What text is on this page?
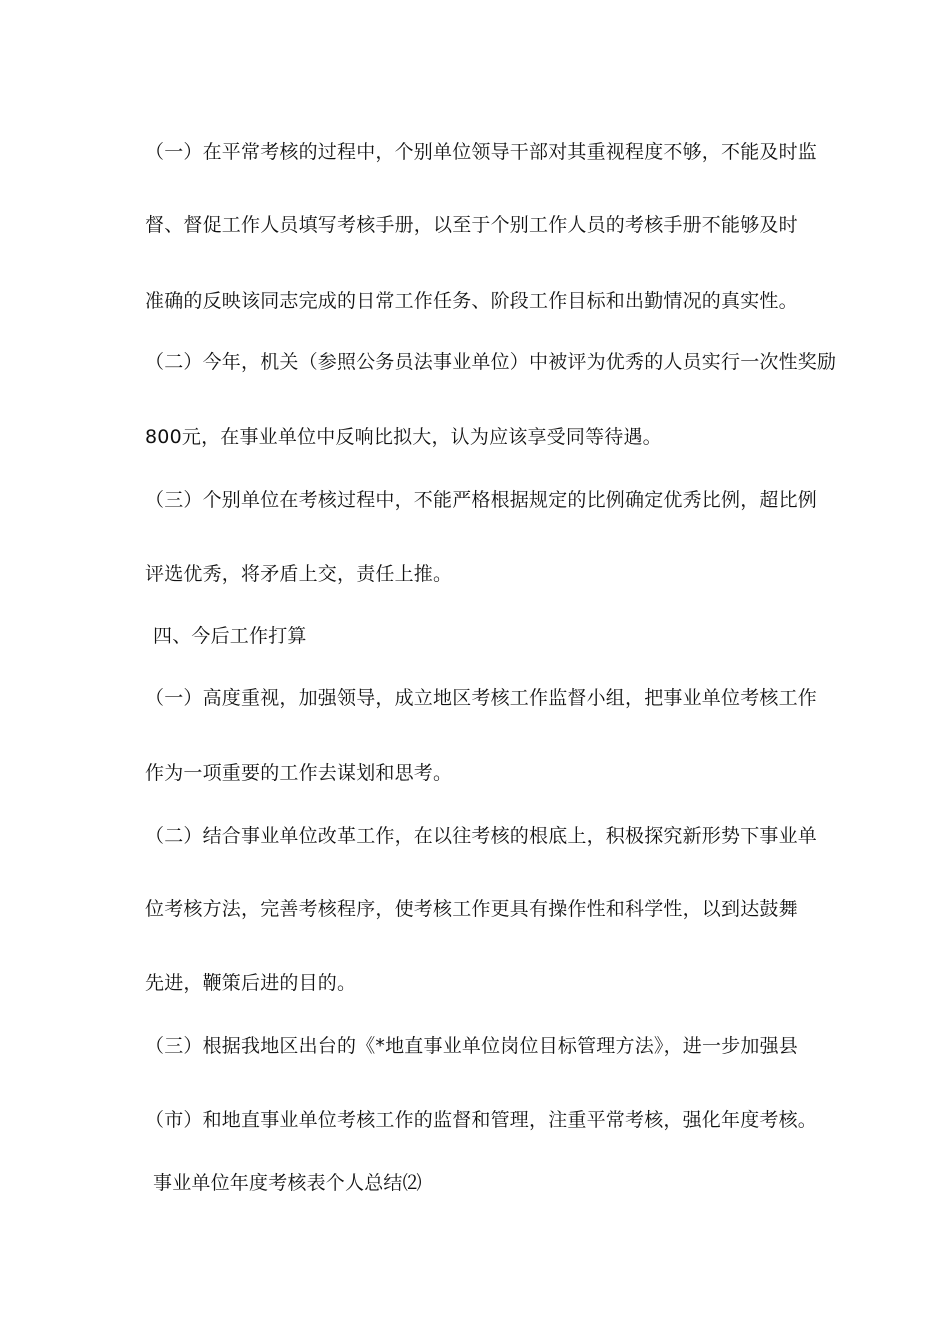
（一）在平常考核的过程中，个别单位领导干部对其重视程度不够，不能及时监
督、督促工作人员填写考核手册，以至于个别工作人员的考核手册不能够及时
准确的反映该同志完成的日常工作任务、阶段工作目标和出勤情况的真实性。
（二）今年，机关（参照公务员法事业单位）中被评为优秀的人员实行一次性奖励
800元，在事业单位中反响比拟大，认为应该享受同等待遇。
（三）个别单位在考核过程中，不能严格根据规定的比例确定优秀比例，超比例
评选优秀，将矛盾上交，责任上推。
四、今后工作打算
（一）高度重视，加强领导，成立地区考核工作监督小组，把事业单位考核工作
作为一项重要的工作去谋划和思考。
（二）结合事业单位改革工作，在以往考核的根底上，积极探究新形势下事业单
位考核方法，完善考核程序，使考核工作更具有操作性和科学性，以到达鼓舞
先进，鞭策后进的目的。
（三）根据我地区出台的《*地直事业单位岗位目标管理方法》，进一步加强县
（市）和地直事业单位考核工作的监督和管理，注重平常考核，强化年度考核。
事业单位年度考核表个人总结⑵
